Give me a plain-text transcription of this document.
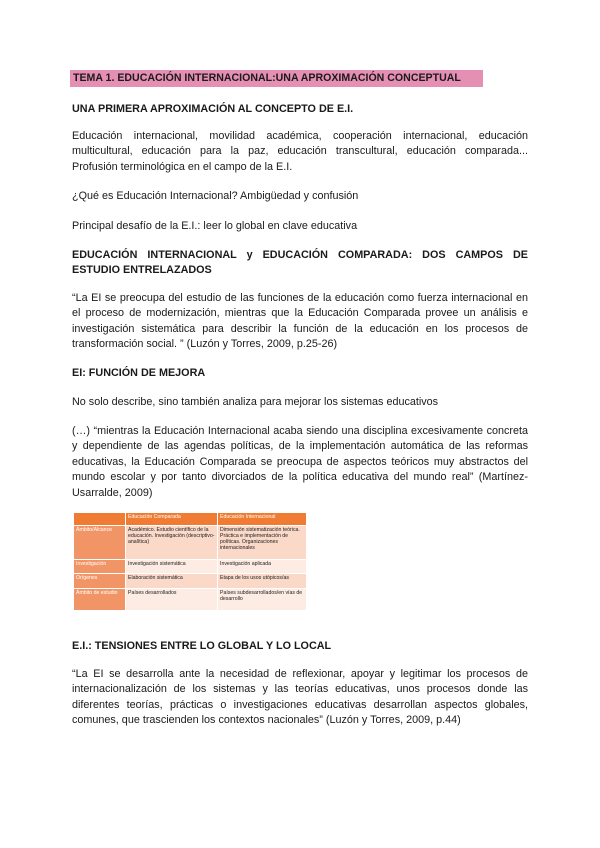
TEMA 1. EDUCACIÓN INTERNACIONAL:UNA APROXIMACIÓN CONCEPTUAL
UNA PRIMERA APROXIMACIÓN AL CONCEPTO DE E.I.
Educación internacional, movilidad académica, cooperación internacional, educación multicultural, educación para la paz, educación transcultural, educación comparada... Profusión terminológica en el campo de la E.I.
¿Qué es Educación Internacional? Ambigüedad y confusión
Principal desafío de la E.I.: leer lo global en clave educativa
EDUCACIÓN INTERNACIONAL y EDUCACIÓN COMPARADA: DOS CAMPOS DE ESTUDIO ENTRELAZADOS
“La EI se preocupa del estudio de las funciones de la educación como fuerza internacional en el proceso de modernización, mientras que la Educación Comparada provee un análisis e investigación sistemática para describir la función de la educación en los procesos de transformación social. ” (Luzón y Torres, 2009, p.25-26)
EI: FUNCIÓN DE MEJORA
No solo describe, sino también analiza para mejorar los sistemas educativos
(…) “mientras la Educación Internacional acaba siendo una disciplina excesivamente concreta y dependiente de las agendas políticas, de la implementación automática de las reformas educativas, la Educación Comparada se preocupa de aspectos teóricos muy abstractos del mundo escolar y por tanto divorciados de la política educativa del mundo real” (Martínez-Usarralde, 2009)
	Educación Comparada	Educación Internacional
Ámbito/Alcance	Académico. Estudio científico de la educación. Investigación (descriptivo-analítica)	Dimensión sistematización teórica. Práctica e implementación de políticas. Organizaciones internacionales
Investigación	Investigación sistemática	Investigación aplicada
Orígenes	Elaboración sistemática	Etapa de los usos utópicos/as
Ámbito de estudio	Países desarrollados	Países subdesarrollados/en vías de desarrollo
E.I.: TENSIONES ENTRE LO GLOBAL Y LO LOCAL
“La EI se desarrolla ante la necesidad de reflexionar, apoyar y legitimar los procesos de internacionalización de los sistemas y las teorías educativas, unos procesos donde las diferentes teorías, prácticas o investigaciones educativas desarrollan aspectos globales, comunes, que trascienden los contextos nacionales” (Luzón y Torres, 2009, p.44)
